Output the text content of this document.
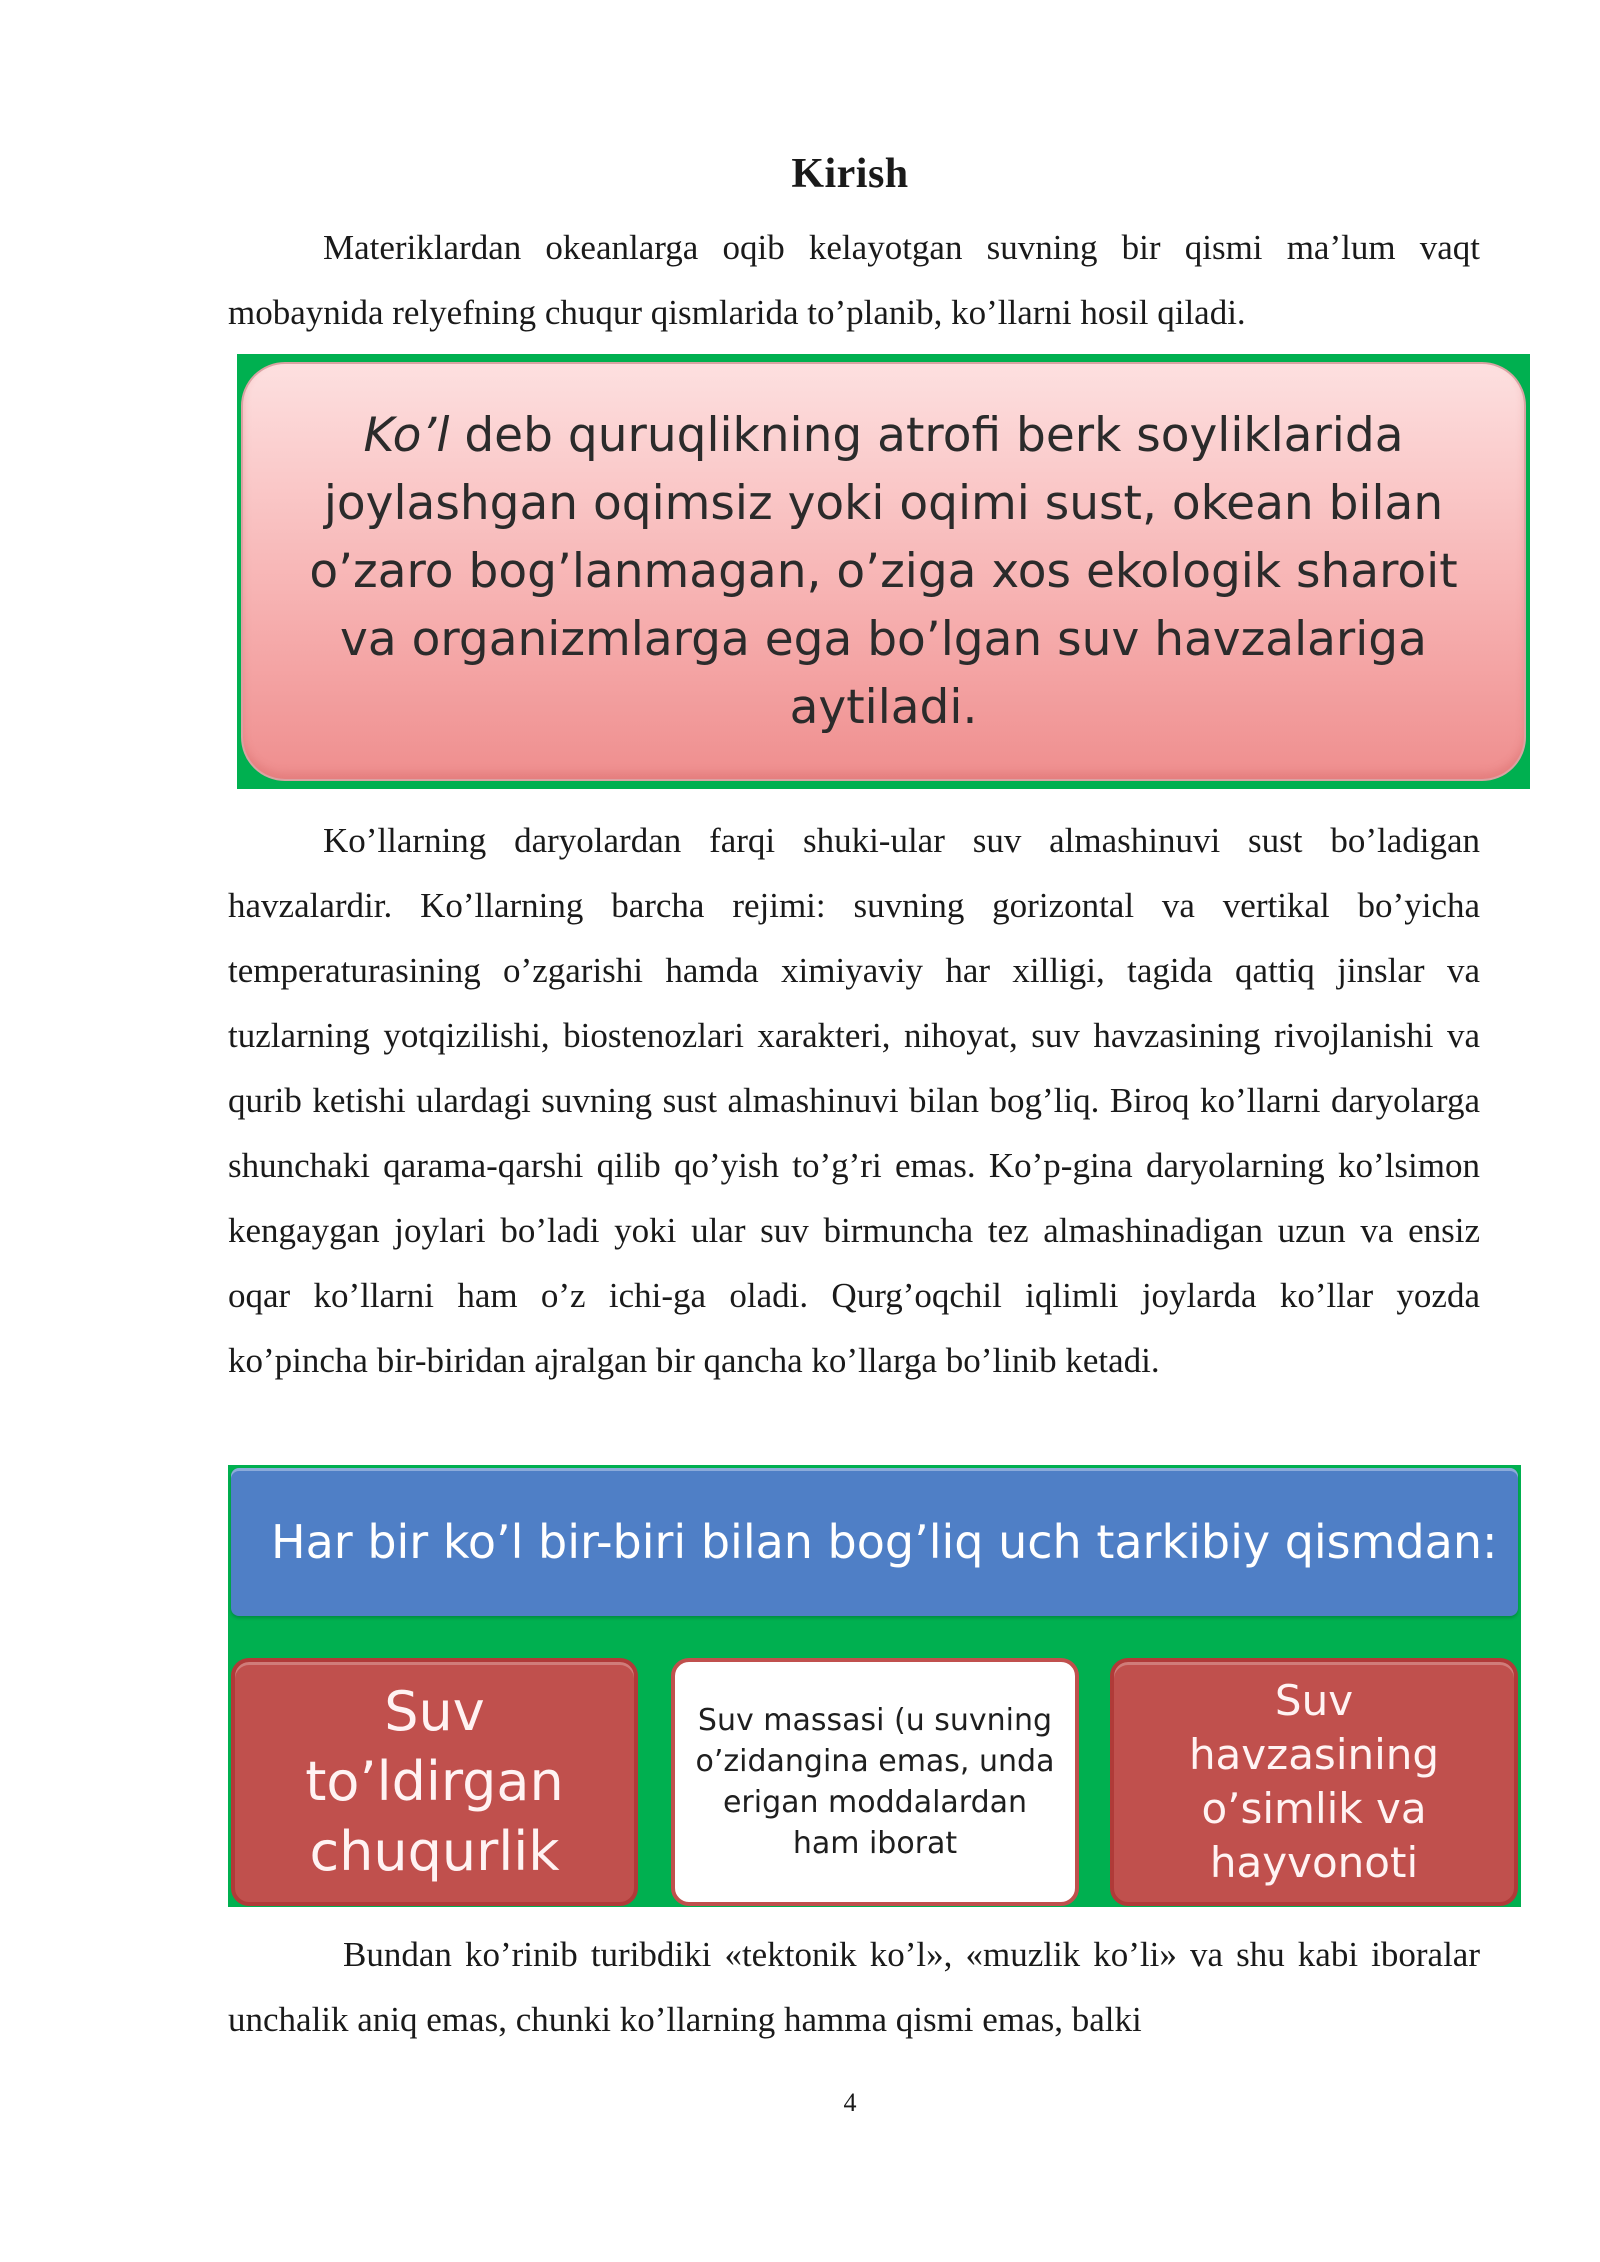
Kirish

Materiklardan okeanlarga oqib kelayotgan suvning bir qismi ma’lum vaqt mobaynida relyefning chuqur qismlarida to’planib, ko’llarni hosil qiladi.

Ko’l deb quruqlikning atrofi berk soyliklarida joylashgan oqimsiz yoki oqimi sust, okean bilan o’zaro bog’lanmagan, o’ziga xos ekologik sharoit va organizmlarga ega bo’lgan suv havzalariga aytiladi.

Ko’llarning daryolardan farqi shuki-ular suv almashinuvi sust bo’ladigan havzalardir. Ko’llarning barcha rejimi: suvning gorizontal va vertikal bo’yicha temperaturasining o’zgarishi hamda ximiyaviy har xilligi, tagida qattiq jinslar va tuzlarning yotqizilishi, biostenozlari xarakteri, nihoyat, suv havzasining rivojlanishi va qurib ketishi ulardagi suvning sust almashinuvi bilan bog’liq. Biroq ko’llarni daryolarga shunchaki qarama-qarshi qilib qo’yish to’g’ri emas. Ko’p-gina daryolarning ko’lsimon kengaygan joylari bo’ladi yoki ular suv birmuncha tez almashinadigan uzun va ensiz oqar ko’llarni ham o’z ichi-ga oladi. Qurg’oqchil iqlimli joylarda ko’llar yozda ko’pincha bir-biridan ajralgan bir qancha ko’llarga bo’linib ketadi.

Har bir ko’l bir-biri bilan bog’liq uch tarkibiy qismdan:
Suv to’ldirgan chuqurlik
Suv massasi (u suvning o’zidangina emas, unda erigan moddalardan ham iborat
Suv havzasining o’simlik va hayvonoti

Bundan ko’rinib turibdiki «tektonik ko’l», «muzlik ko’li» va shu kabi iboralar unchalik aniq emas, chunki ko’llarning hamma qismi emas, balki

4
